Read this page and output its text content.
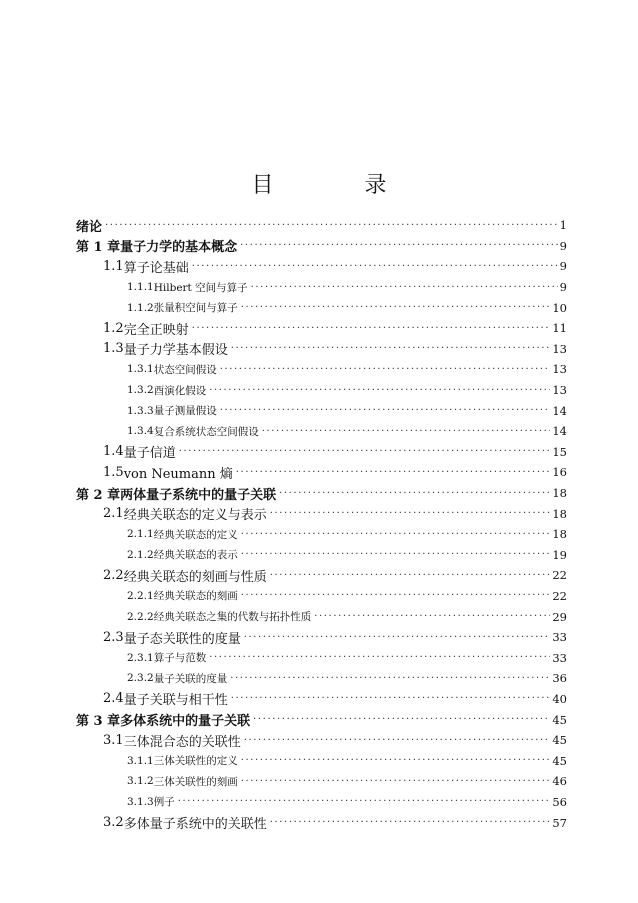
目 录
绪论 ·····	1
第 1 章 量子力学的基本概念 ·····	9
1.1 算子论基础 ·····	9
1.1.1 Hilbert 空间与算子 ·····	9
1.1.2 张量积空间与算子 ·····	10
1.2 完全正映射 ·····	11
1.3 量子力学基本假设 ·····	13
1.3.1 状态空间假设 ·····	13
1.3.2 酉演化假设 ·····	13
1.3.3 量子测量假设 ·····	14
1.3.4 复合系统状态空间假设 ·····	14
1.4 量子信道 ·····	15
1.5 von Neumann 熵 ·····	16
第 2 章 两体量子系统中的量子关联 ·····	18
2.1 经典关联态的定义与表示 ·····	18
2.1.1 经典关联态的定义 ·····	18
2.1.2 经典关联态的表示 ·····	19
2.2 经典关联态的刻画与性质 ·····	22
2.2.1 经典关联态的刻画 ·····	22
2.2.2 经典关联态之集的代数与拓扑性质 ·····	29
2.3 量子态关联性的度量 ·····	33
2.3.1 算子与范数 ·····	33
2.3.2 量子关联的度量 ·····	36
2.4 量子关联与相干性 ·····	40
第 3 章 多体系统中的量子关联 ·····	45
3.1 三体混合态的关联性 ·····	45
3.1.1 三体关联性的定义 ·····	45
3.1.2 三体关联性的刻画 ·····	46
3.1.3 例子 ·····	56
3.2 多体量子系统中的关联性 ·····	57
